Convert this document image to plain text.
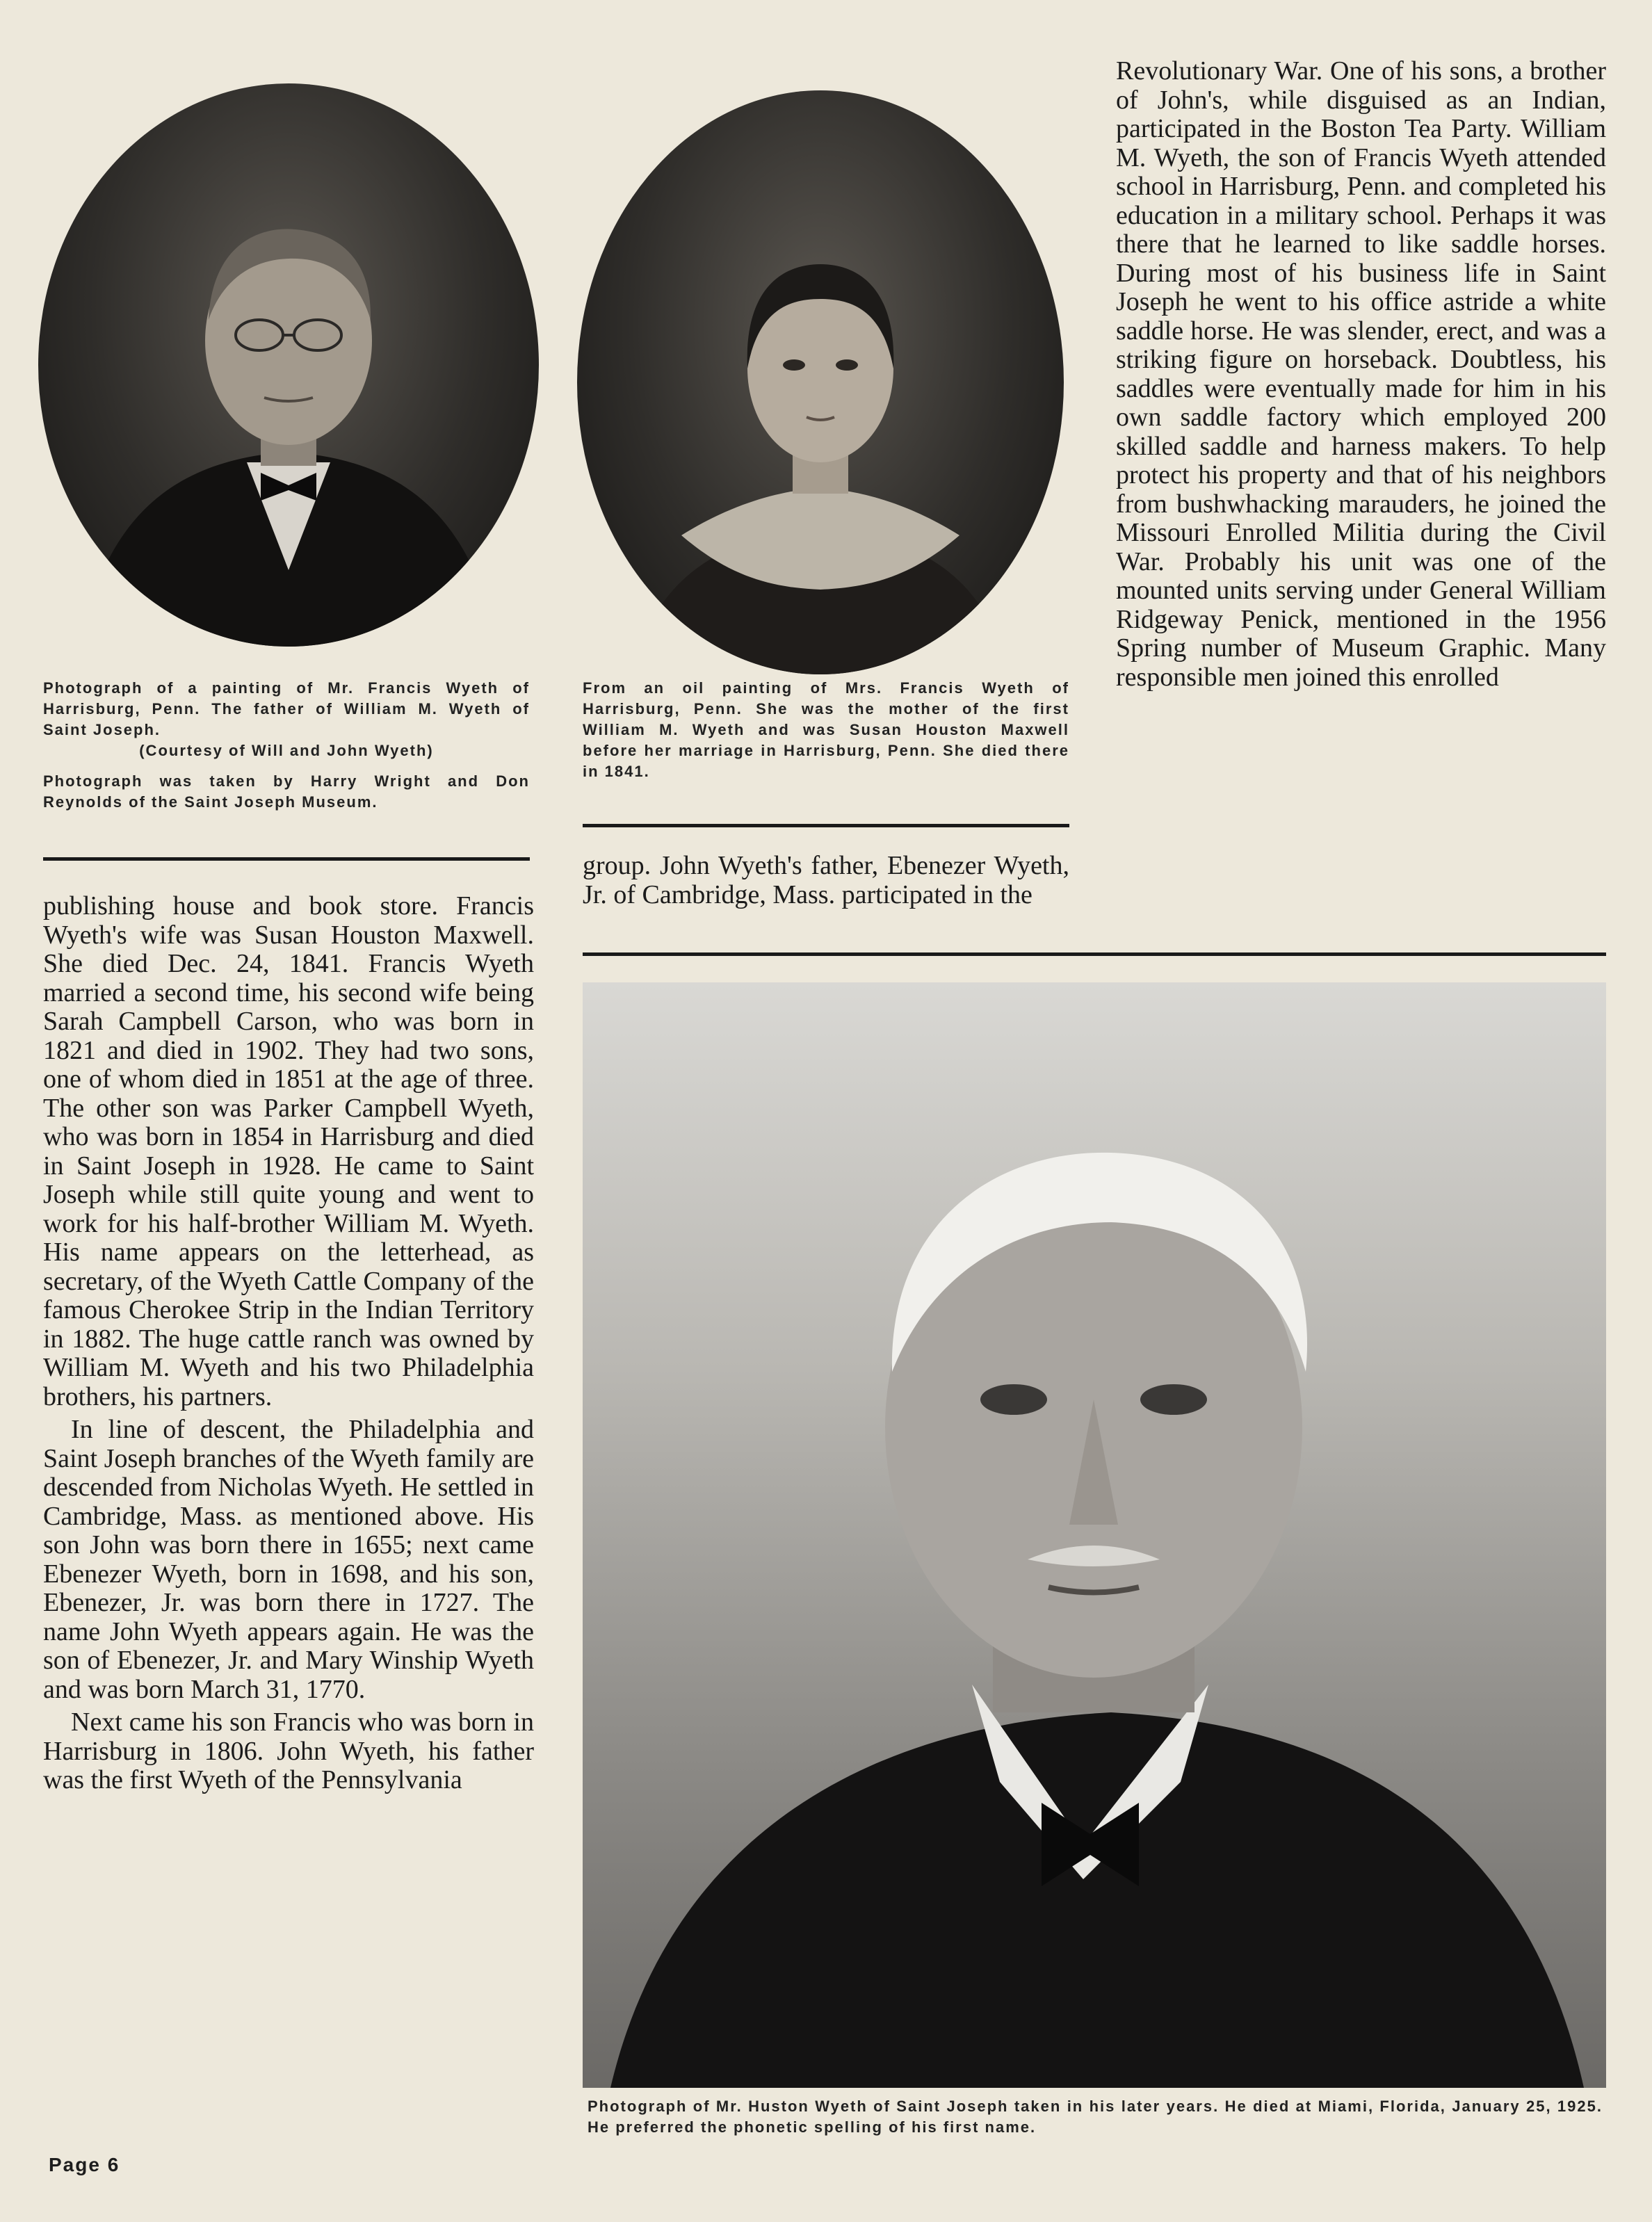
Photograph of a painting of Mr. Francis Wyeth of Harrisburg, Penn. The father of William M. Wyeth of Saint Joseph.
(Courtesy of Will and John Wyeth)
Photograph was taken by Harry Wright and Don Reynolds of the Saint Joseph Museum.
From an oil painting of Mrs. Francis Wyeth of Harrisburg, Penn. She was the mother of the first William M. Wyeth and was Susan Houston Maxwell before her marriage in Harrisburg, Penn. She died there in 1841.

Revolutionary War. One of his sons, a brother of John's, while disguised as an Indian, participated in the Boston Tea Party. William M. Wyeth, the son of Francis Wyeth attended school in Harrisburg, Penn. and completed his education in a military school. Perhaps it was there that he learned to like saddle horses. During most of his business life in Saint Joseph he went to his office astride a white saddle horse. He was slender, erect, and was a striking figure on horseback. Doubtless, his saddles were eventually made for him in his own saddle factory which employed 200 skilled saddle and harness makers. To help protect his property and that of his neighbors from bushwhacking marauders, he joined the Missouri Enrolled Militia during the Civil War. Probably his unit was one of the mounted units serving under General William Ridgeway Penick, mentioned in the 1956 Spring number of Museum Graphic. Many responsible men joined this enrolled

group. John Wyeth's father, Ebenezer Wyeth, Jr. of Cambridge, Mass. participated in the

publishing house and book store. Francis Wyeth's wife was Susan Houston Maxwell. She died Dec. 24, 1841. Francis Wyeth married a second time, his second wife being Sarah Campbell Carson, who was born in 1821 and died in 1902. They had two sons, one of whom died in 1851 at the age of three. The other son was Parker Campbell Wyeth, who was born in 1854 in Harrisburg and died in Saint Joseph in 1928. He came to Saint Joseph while still quite young and went to work for his half-brother William M. Wyeth. His name appears on the letterhead, as secretary, of the Wyeth Cattle Company of the famous Cherokee Strip in the Indian Territory in 1882. The huge cattle ranch was owned by William M. Wyeth and his two Philadelphia brothers, his partners.

In line of descent, the Philadelphia and Saint Joseph branches of the Wyeth family are descended from Nicholas Wyeth. He settled in Cambridge, Mass. as mentioned above. His son John was born there in 1655; next came Ebenezer Wyeth, born in 1698, and his son, Ebenezer, Jr. was born there in 1727. The name John Wyeth appears again. He was the son of Ebenezer, Jr. and Mary Winship Wyeth and was born March 31, 1770.

Next came his son Francis who was born in Harrisburg in 1806. John Wyeth, his father was the first Wyeth of the Pennsylvania

Photograph of Mr. Huston Wyeth of Saint Joseph taken in his later years. He died at Miami, Florida, January 25, 1925. He preferred the phonetic spelling of his first name.
Page 6
